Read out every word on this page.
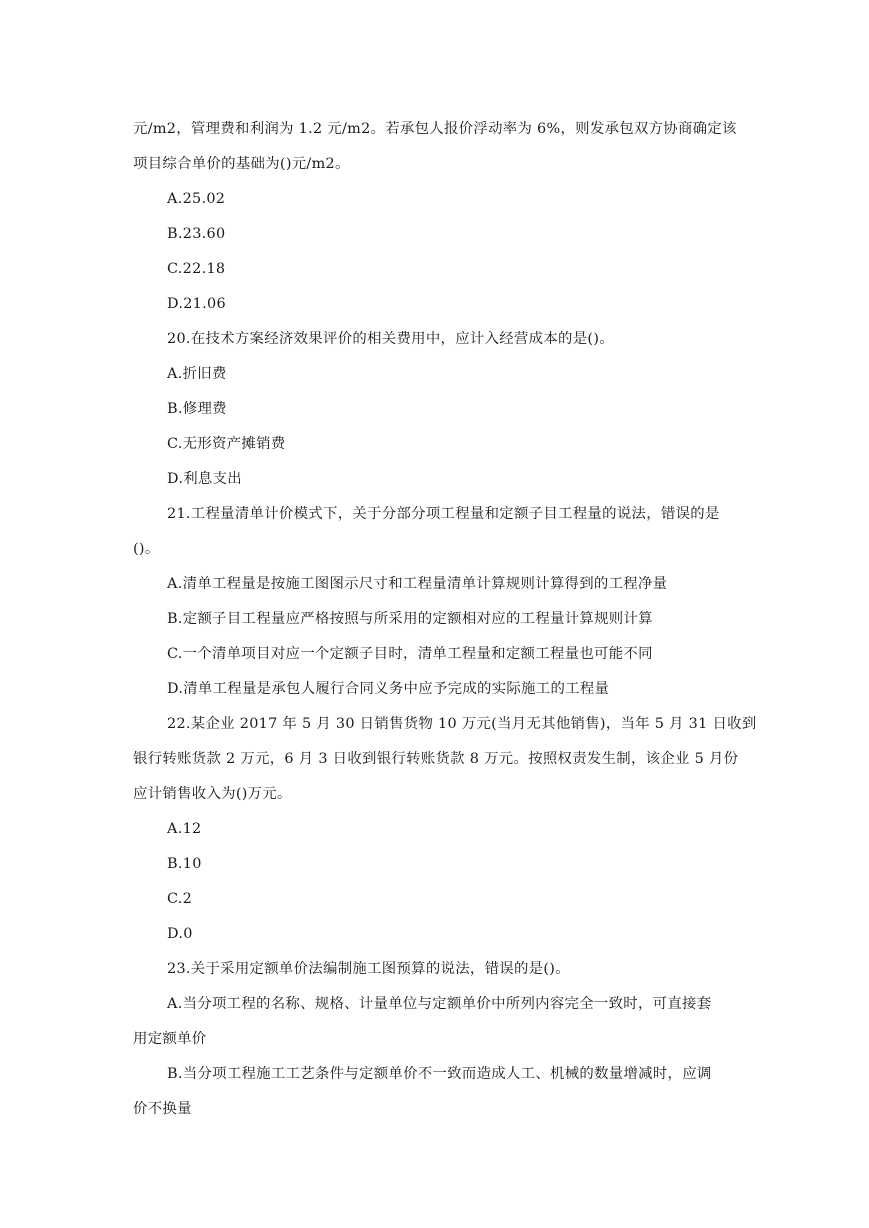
元/m2，管理费和利润为 1.2 元/m2。若承包人报价浮动率为 6%，则发承包双方协商确定该
项目综合单价的基础为()元/m2。
A.25.02
B.23.60
C.22.18
D.21.06
20.在技术方案经济效果评价的相关费用中，应计入经营成本的是()。
A.折旧费
B.修理费
C.无形资产摊销费
D.利息支出
21.工程量清单计价模式下，关于分部分项工程量和定额子目工程量的说法，错误的是
()。
A.清单工程量是按施工图图示尺寸和工程量清单计算规则计算得到的工程净量
B.定额子目工程量应严格按照与所采用的定额相对应的工程量计算规则计算
C.一个清单项目对应一个定额子目时，清单工程量和定额工程量也可能不同
D.清单工程量是承包人履行合同义务中应予完成的实际施工的工程量
22.某企业 2017 年 5 月 30 日销售货物 10 万元(当月无其他销售)，当年 5 月 31 日收到
银行转账货款 2 万元，6 月 3 日收到银行转账货款 8 万元。按照权责发生制，该企业 5 月份
应计销售收入为()万元。
A.12
B.10
C.2
D.0
23.关于采用定额单价法编制施工图预算的说法，错误的是()。
A.当分项工程的名称、规格、计量单位与定额单价中所列内容完全一致时，可直接套
用定额单价
B.当分项工程施工工艺条件与定额单价不一致而造成人工、机械的数量增减时，应调
价不换量
